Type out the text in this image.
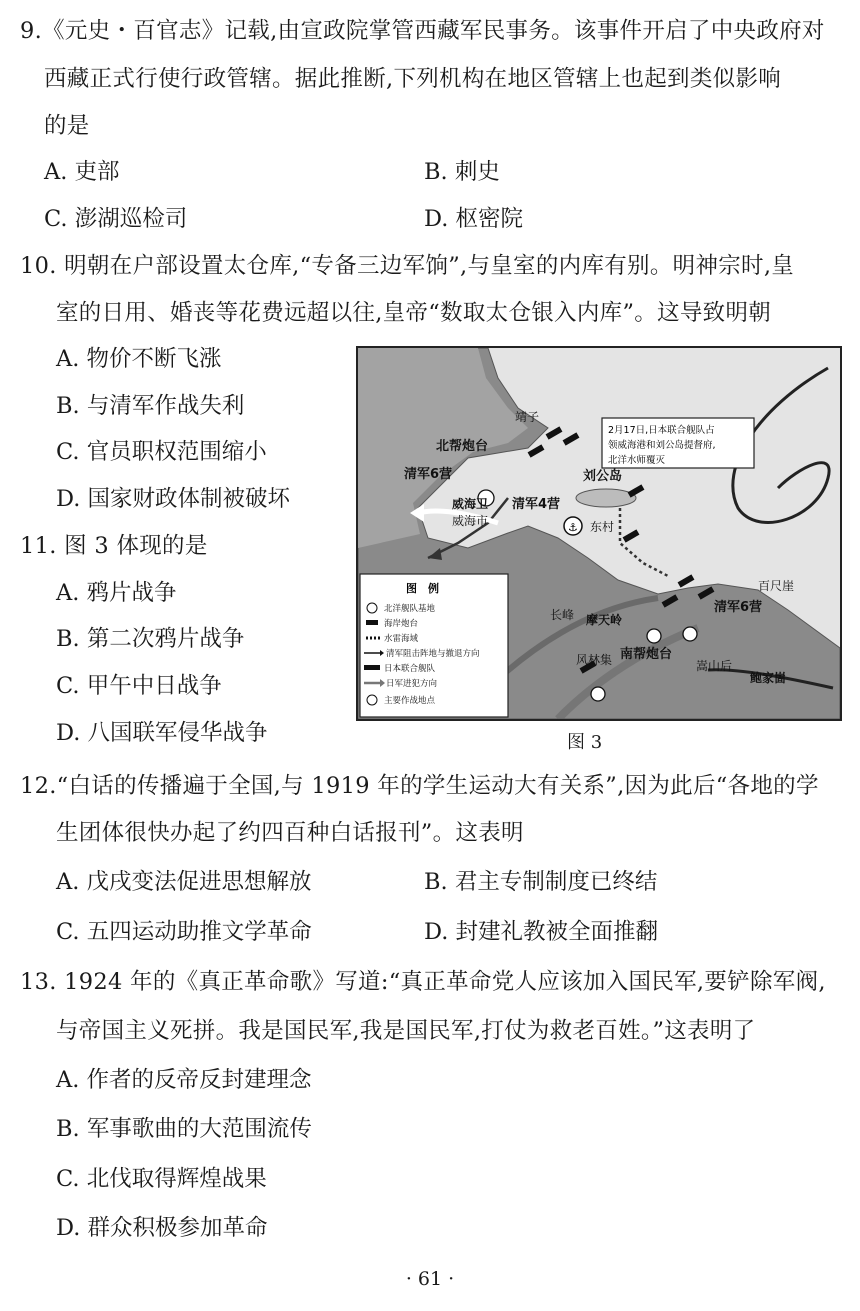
9.《元史・百官志》记载,由宣政院掌管西藏军民事务。该事件开启了中央政府对
西藏正式行使行政管辖。据此推断,下列机构在地区管辖上也起到类似影响
的是
A. 吏部	B. 刺史
C. 澎湖巡检司	D. 枢密院
10. 明朝在户部设置太仓库,“专备三边军饷”,与皇室的内库有别。明神宗时,皇
室的日用、婚丧等花费远超以往,皇帝“数取太仓银入内库”。这导致明朝
A. 物价不断飞涨
B. 与清军作战失利
C. 官员职权范围缩小
D. 国家财政体制被破坏
11. 图 3 体现的是
A. 鸦片战争
B. 第二次鸦片战争
C. 甲午中日战争
D. 八国联军侵华战争
2月17日,日本联合舰队占
领威海港和刘公岛提督府,
北洋水师覆灭
⚓
靖子
北帮炮台
清军6营
威海卫
威海市
清军4营
刘公岛
东村
百尺崖
清军6营
长峰 摩天岭
风林集 南帮炮台
嵩山后
鲍家崮
图　例
北洋舰队基地
海岸炮台
水雷海域
清军阻击阵地与撤退方向
日本联合舰队
日军进犯方向
主要作战地点
图 3
12.“白话的传播遍于全国,与 1919 年的学生运动大有关系”,因为此后“各地的学
生团体很快办起了约四百种白话报刊”。这表明
A. 戊戌变法促进思想解放	B. 君主专制制度已终结
C. 五四运动助推文学革命	D. 封建礼教被全面推翻
13. 1924 年的《真正革命歌》写道:“真正革命党人应该加入国民军,要铲除军阀,
与帝国主义死拼。我是国民军,我是国民军,打仗为救老百姓。”这表明了
A. 作者的反帝反封建理念
B. 军事歌曲的大范围流传
C. 北伐取得辉煌战果
D. 群众积极参加革命
· 61 ·
